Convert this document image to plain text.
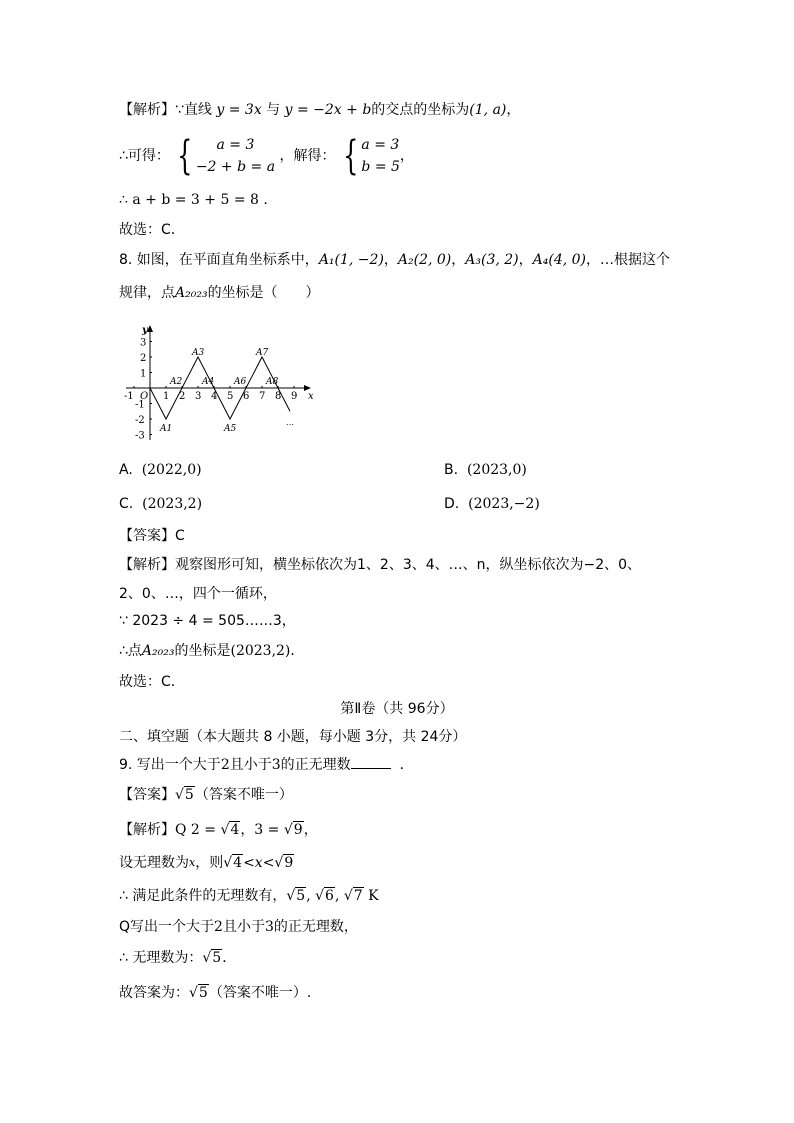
【解析】∵直线 y = 3x 与 y = −2x + b的交点的坐标为(1, a)，
∴可得： { a = 3
−2 + b = a
，解得： { a = 3
b = 5
，
∴ a + b = 3 + 5 = 8 .
故选：C．
8. 如图，在平面直角坐标系中，A₁(1, −2)，A₂(2, 0)，A₃(3, 2)，A₄(4, 0)，…根据这个
规律，点A₂₀₂₃的坐标是（　　）
-1	1 2 3 4 5 6 7 8 9
3
2
1
-1
-2
-3
x
y
O
A1
A2
A3
A4
A5
A6
A7
A8
…
A. (2022,0)	B. (2023,0)
C. (2023,2)	D. (2023,−2)
【答案】C
【解析】观察图形可知，横坐标依次为1、2、3、4、…、n，纵坐标依次为−2、0、
2、0、…，四个一循环，
∵ 2023 ÷ 4 = 505……3，
∴点A₂₀₂₃的坐标是(2023,2)．
故选：C．
第Ⅱ卷（共 96分）
二、填空题（本大题共 8 小题，每小题 3分，共 24分）
9. 写出一个大于2且小于3的正无理数	．
【答案】√5（答案不唯一）
【解析】Q 2 = √4，3 = √9，
设无理数为$^x$，则√4<x<√9
∴ 满足此条件的无理数有，√5, √6, √7 K
Q写出一个大于2且小于3的正无理数，
∴ 无理数为：√5．
故答案为：√5（答案不唯一）.
